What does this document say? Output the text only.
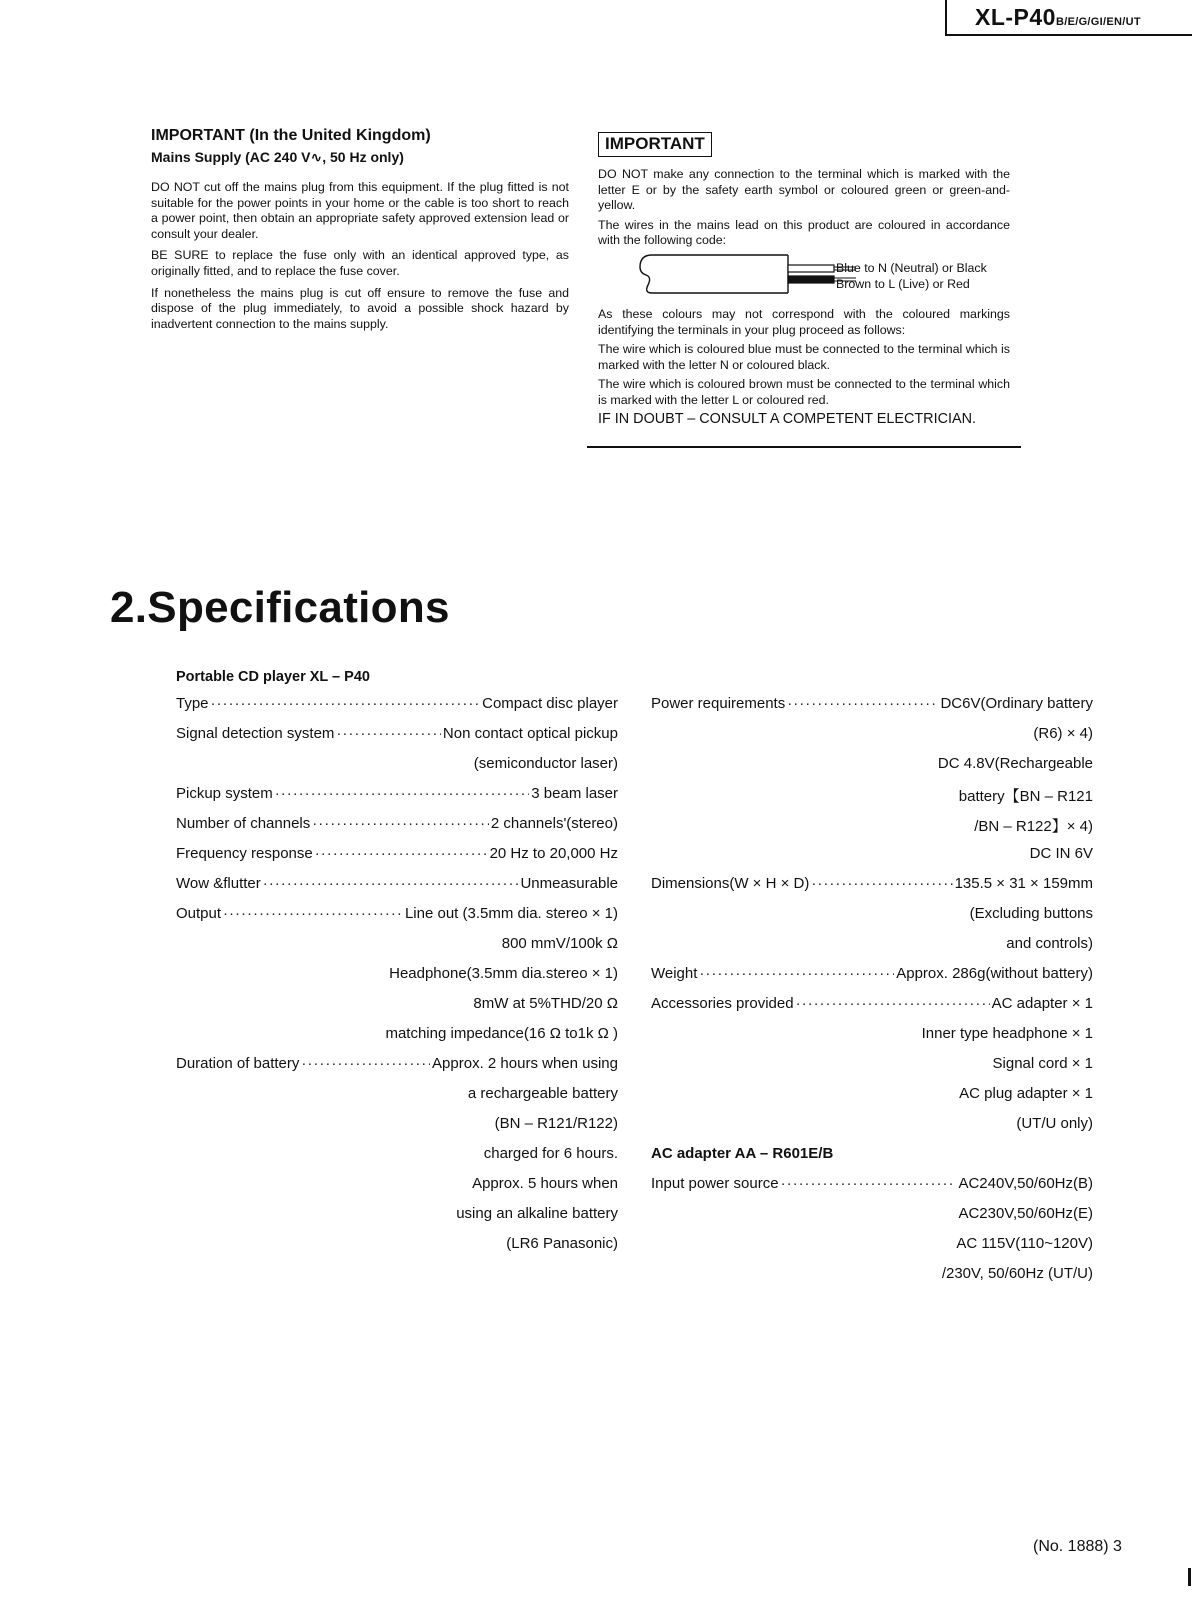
XL-P40B/E/G/GI/EN/UT
IMPORTANT (In the United Kingdom)
Mains Supply (AC 240 V∿, 50 Hz only)

DO NOT cut off the mains plug from this equipment. If the plug fitted is not suitable for the power points in your home or the cable is too short to reach a power point, then obtain an appropriate safety approved extension lead or consult your dealer.

BE SURE to replace the fuse only with an identical approved type, as originally fitted, and to replace the fuse cover.

If nonetheless the mains plug is cut off ensure to remove the fuse and dispose of the plug immediately, to avoid a possible shock hazard by inadvertent connection to the mains supply.

IMPORTANT

DO NOT make any connection to the terminal which is marked with the letter E or by the safety earth symbol or coloured green or green-and-yellow.

The wires in the mains lead on this product are coloured in accordance with the following code:

Blue to N (Neutral) or Black
Brown to L (Live) or Red

As these colours may not correspond with the coloured markings identifying the terminals in your plug proceed as follows:

The wire which is coloured blue must be connected to the terminal which is marked with the letter N or coloured black.

The wire which is coloured brown must be connected to the terminal which is marked with the letter L or coloured red.

IF IN DOUBT – CONSULT A COMPETENT ELECTRICIAN.
2.Specifications
Portable CD player XL – P40
Type ·····	Compact disc player
Signal detection system ·····	Non contact optical pickup
(semiconductor laser)
Pickup system ·····	3 beam laser
Number of channels ·····	2 channels'(stereo)
Frequency response ·····	20 Hz to 20,000 Hz
Wow &flutter ·····	Unmeasurable
Output ·····	Line out (3.5mm dia. stereo × 1)
800 mmV/100k Ω
Headphone(3.5mm dia.stereo × 1)
8mW at 5%THD/20 Ω
matching impedance(16 Ω to1k Ω )
Duration of battery ·····	Approx. 2 hours when using
a rechargeable battery
(BN – R121/R122)
charged for 6 hours.
Approx. 5 hours when
using an alkaline battery
(LR6 Panasonic)
Power requirements ·····	DC6V(Ordinary battery
(R6) × 4)
DC 4.8V(Rechargeable
battery【BN – R121
/BN – R122】× 4)
DC IN 6V
Dimensions(W × H × D) ·····	135.5 × 31 × 159mm
(Excluding buttons
and controls)
Weight ·····	Approx. 286g(without battery)
Accessories provided ·····	AC adapter × 1
Inner type headphone × 1
Signal cord × 1
AC plug adapter × 1
(UT/U only)
AC adapter AA – R601E/B
Input power source ·····	AC240V,50/60Hz(B)
AC230V,50/60Hz(E)
AC 115V(110~120V)
/230V, 50/60Hz (UT/U)
(No. 1888) 3
